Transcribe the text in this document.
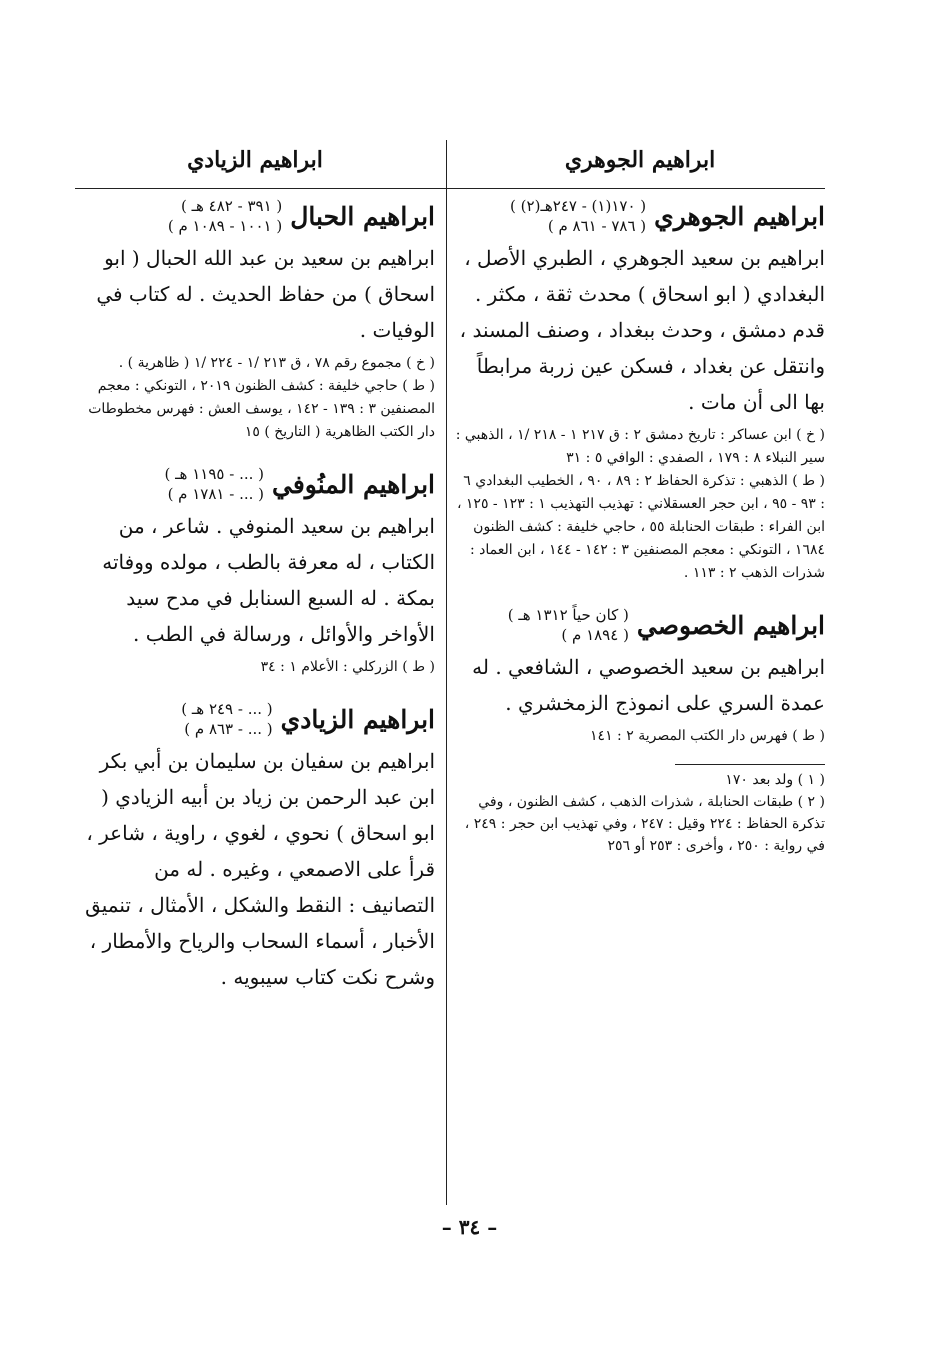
ابراهيم الجوهري
ابراهيم الجوهري
( ١٧٠(١) - ٢٤٧هـ(٢) )
( ٧٨٦ - ٨٦١ م )
ابراهيم بن سعيد الجوهري ، الطبري الأصل ، البغدادي ( ابو اسحاق ) محدث ثقة ، مكثر . قدم دمشق ، وحدث ببغداد ، وصنف المسند ، وانتقل عن بغداد ، فسكن عين زربة مرابطاً بها الى أن مات .

( خ ) ابن عساكر : تاريخ دمشق ٢ : ق ٢١٧ ١ - ٢١٨ /١ ، الذهبي : سير النبلاء ٨ : ١٧٩ ، الصفدي : الوافي ٥ : ٣١

( ط ) الذهبي : تذكرة الحفاظ ٢ : ٨٩ ، ٩٠ ، الخطيب البغدادي ٦ : ٩٣ - ٩٥ ، ابن حجر العسقلاني : تهذيب التهذيب ١ : ١٢٣ - ١٢٥ ، ابن الفراء : طبقات الحنابلة ٥٥ ، حاجي خليفة : كشف الظنون ١٦٨٤ ، التونكي : معجم المصنفين ٣ : ١٤٢ - ١٤٤ ، ابن العماد : شذرات الذهب ٢ : ١١٣ .

ابراهيم الخصوصي
( كان حياً ١٣١٢ هـ )
( ١٨٩٤ م )
ابراهيم بن سعيد الخصوصي ، الشافعي . له عمدة السري على انموذج الزمخشري .

( ط ) فهرس دار الكتب المصرية ٢ : ١٤١

( ١ ) ولد بعد ١٧٠

( ٢ ) طبقات الحنابلة ، شذرات الذهب ، كشف الظنون ، وفي تذكرة الحفاظ : ٢٢٤ وقيل : ٢٤٧ ، وفي تهذيب ابن حجر : ٢٤٩ ، في رواية : ٢٥٠ ، وأخرى : ٢٥٣ أو ٢٥٦

ابراهيم الزيادي
ابراهيم الحبال
( ٣٩١ - ٤٨٢ هـ )
( ١٠٠١ - ١٠٨٩ م )
ابراهيم بن سعيد بن عبد الله الحبال ( ابو اسحاق ) من حفاظ الحديث . له كتاب في الوفيات .

( خ ) مجموع رقم ٧٨ ، ق ٢١٣ /١ - ٢٢٤ /١ ( ظاهرية ) .

( ط ) حاجي خليفة : كشف الظنون ٢٠١٩ ، التونكي : معجم المصنفين ٣ : ١٣٩ - ١٤٢ ، يوسف العش : فهرس مخطوطات دار الكتب الظاهرية ( التاريخ ) ١٥

ابراهيم المنُوفي
( ... - ١١٩٥ هـ )
( ... - ١٧٨١ م )
ابراهيم بن سعيد المنوفي . شاعر ، من الكتاب ، له معرفة بالطب ، مولده ووفاته بمكة . له السبع السنابل في مدح سيد الأواخر والأوائل ، ورسالة في الطب .

( ط ) الزركلي : الأعلام ١ : ٣٤

ابراهيم الزيادي
( ... - ٢٤٩ هـ )
( ... - ٨٦٣ م )
ابراهيم بن سفيان بن سليمان بن أبي بكر ابن عبد الرحمن بن زياد بن أبيه الزيادي ( ابو اسحاق ) نحوي ، لغوي ، راوية ، شاعر ، قرأ على الاصمعي ، وغيره . له من التصانيف : النقط والشكل ، الأمثال ، تنميق الأخبار ، أسماء السحاب والرياح والأمطار ، وشرح نكت كتاب سيبويه .
– ٣٤ –
